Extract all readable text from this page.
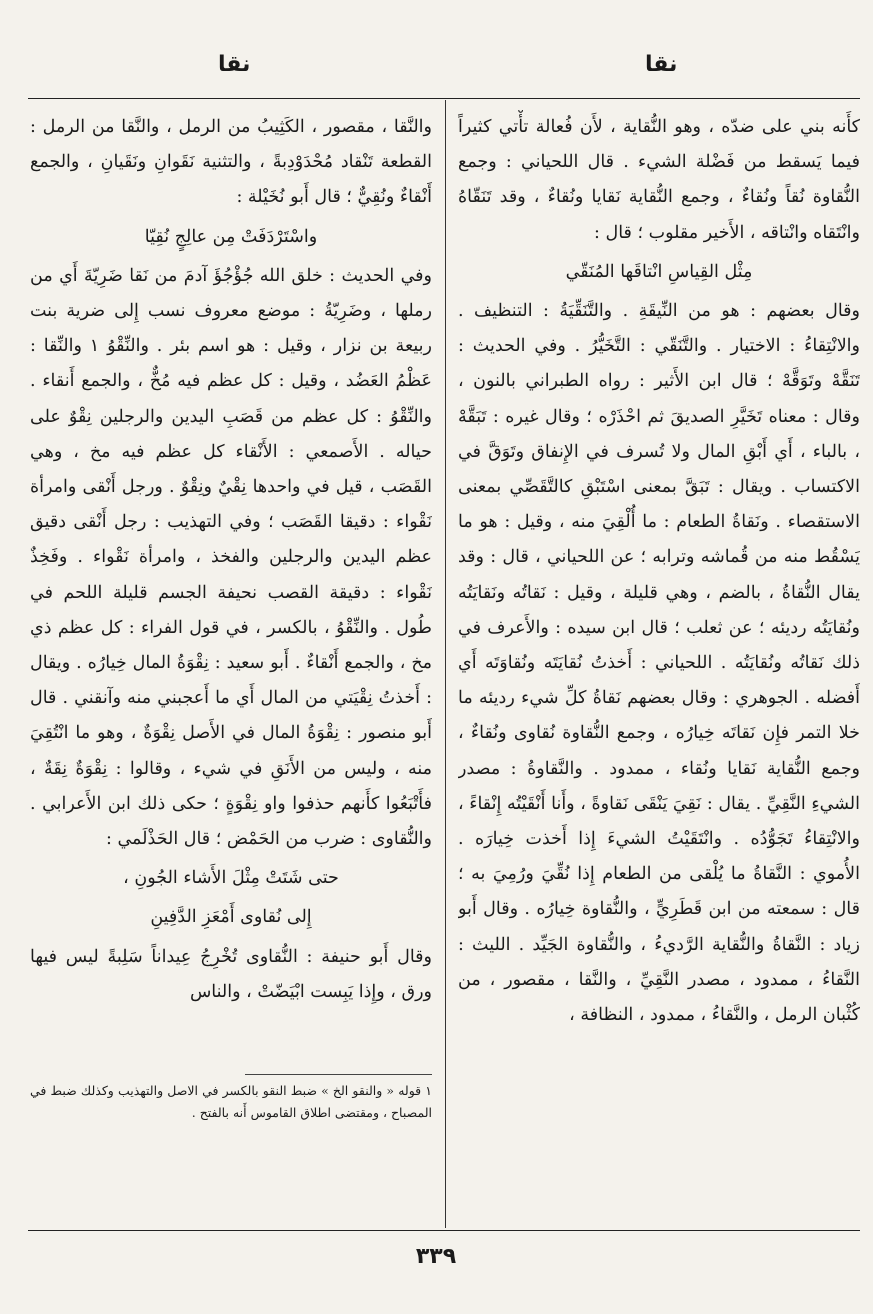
نقا
نقا

كأَنه بني على ضدّه ، وهو النُّقاية ، لأَن فُعالة تأْتي كثيراً فيما يَسقط من فَضْلة الشيء . قال اللحياني : وجمع النُّقاوة نُقاً ونُقاءٌ ، وجمع النُّقاية نَقايا ونُقاءٌ ، وقد تَنَقّاهُ وانْتَقاه وانْتاقه ، الأَخير مقلوب ؛ قال :

مِثْل القِياسِ انْتاقَها المُنَقّي

وقال بعضهم : هو من النِّيقَةِ . والتَّنَقِّيَةُ : التنظيف . والانْتِقاءُ : الاختيار . والتَّنَقّي : التَّخَيُّرُ . وفي الحديث : تَنَقَّهْ وتَوَقَّهْ ؛ قال ابن الأَثير : رواه الطبراني بالنون ، وقال : معناه تَخَيَّرِ الصديقَ ثم احْذَرْه ؛ وقال غيره : تَبَقَّهْ ، بالباء ، أَي أَبْقِ المال ولا تُسرف في الإِنفاق وتَوَقَّ في الاكتساب . ويقال : تَبَقَّ بمعنى اسْتَبْقِ كالتَّقَصِّي بمعنى الاستقصاء . ونَقاةُ الطعام : ما أُلْقِيَ منه ، وقيل : هو ما يَسْقُط منه من قُماشه وترابه ؛ عن اللحياني ، قال : وقد يقال النُّقاةُ ، بالضم ، وهي قليلة ، وقيل : نَقاتُه ونَقايَتُه ونُقايَتُه رديئه ؛ عن ثعلب ؛ قال ابن سيده : والأَعرف في ذلك نَقاتُه ونُقايَتُه . اللحياني : أَخذتُ نُقايَتَه ونُقاوَتَه أَي أَفضله . الجوهري : وقال بعضهم نَقاةُ كلِّ شيء رديئه ما خلا التمر فإِن نَقاتَه خِيارُه ، وجمع النُّقاوة نُقاوى ونُقاءٌ ، وجمع النُّقاية نَقايا ونُقاء ، ممدود . والنَّقاوةُ : مصدر الشيءِ النَّقِيِّ . يقال : نَقِيَ يَنْقَى نَقاوةً ، وأَنا أَنْقَيْتُه إِنْقاءً ، والانْتِقاءُ تَجَوُّدُه . وانْتَقَيْتُ الشيءَ إِذا أَخذت خِيارَه . الأُموي : النَّقاةُ ما يُلْقى من الطعام إِذا نُقِّيَ ورُمِيَ به ؛ قال : سمعته من ابن قَطَرِيٍّ ، والنُّقاوة خِيارُه . وقال أَبو زياد : النَّقاةُ والنُّقاية الرَّديءُ ، والنُّقاوة الجَيِّد . الليث : النَّقاءُ ، ممدود ، مصدر النَّقِيِّ ، والنَّقا ، مقصور ، من كُثْبان الرمل ، والنَّقاءُ ، ممدود ، النظافة ،

والنَّقا ، مقصور ، الكَثِيبُ من الرمل ، والنَّقا من الرمل : القطعة تَنْقاد مُحْدَوْدِبةً ، والتثنية نَقَوانِ ونَقَيانِ ، والجمع أَنْقاءٌ ونُقِيٌّ ؛ قال أَبو نُخَيْلة :

واسْتَرْدَفَتْ مِن عالِجٍ نُقِيّا

وفي الحديث : خلق الله جُؤْجُؤَ آدمَ من نَقا ضَرِيّةَ أَي من رملها ، وضَرِيّةُ : موضع معروف نسب إِلى ضرية بنت ربيعة بن نزار ، وقيل : هو اسم بئر . والنِّقْوُ ١ والنِّقا : عَظْمُ العَضُد ، وقيل : كل عظم فيه مُخٌّ ، والجمع أَنقاء . والنِّقْوُ : كل عظم من قَصَبِ اليدين والرجلين نِقْوٌ على حياله . الأَصمعي : الأَنْقاء كل عظم فيه مخ ، وهي القَصَب ، قيل في واحدها نِقْيٌ ونِقْوٌ . ورجل أَنْقى وامرأة نَقْواء : دقيقا القَصَب ؛ وفي التهذيب : رجل أَنْقى دقيق عظم اليدين والرجلين والفخذ ، وامرأة نَقْواء . وفَخِذٌ نَقْواء : دقيقة القصب نحيفة الجسم قليلة اللحم في طُول . والنِّقْوُ ، بالكسر ، في قول الفراء : كل عظم ذي مخ ، والجمع أَنْقاءٌ . أَبو سعيد : نِقْوَةُ المال خِيارُه . ويقال : أَخذتُ نِقْيَتي من المال أَي ما أَعجبني منه وآنقني . قال أَبو منصور : نِقْوَةُ المال في الأَصل نِقْوَةٌ ، وهو ما انْتُقِيَ منه ، وليس من الأَنَقِ في شيء ، وقالوا : نِقْوَةٌ نِقَةٌ ، فأَتْبَعُوا كأَنهم حذفوا واو نِقْوَةٍ ؛ حكى ذلك ابن الأَعرابي . والنُّقاوى : ضرب من الحَمْض ؛ قال الحَذْلَمي :

حتى شَتَتْ مِثْلَ الأَشاء الجُونِ ،

إِلى نُقاوى أَمْعَزِ الدَّفِينِ

وقال أَبو حنيفة : النُّقاوى تُخْرِجُ عِيداناً سَلِبةً ليس فيها ورق ، وإِذا يَبِست ابْيَضّتْ ، والناس

١ قوله « والنقو الخ » ضبط النقو بالكسر في الاصل والتهذيب وكذلك ضبط في المصباح ، ومقتضى اطلاق القاموس أَنه بالفتح .
٣٣٩
